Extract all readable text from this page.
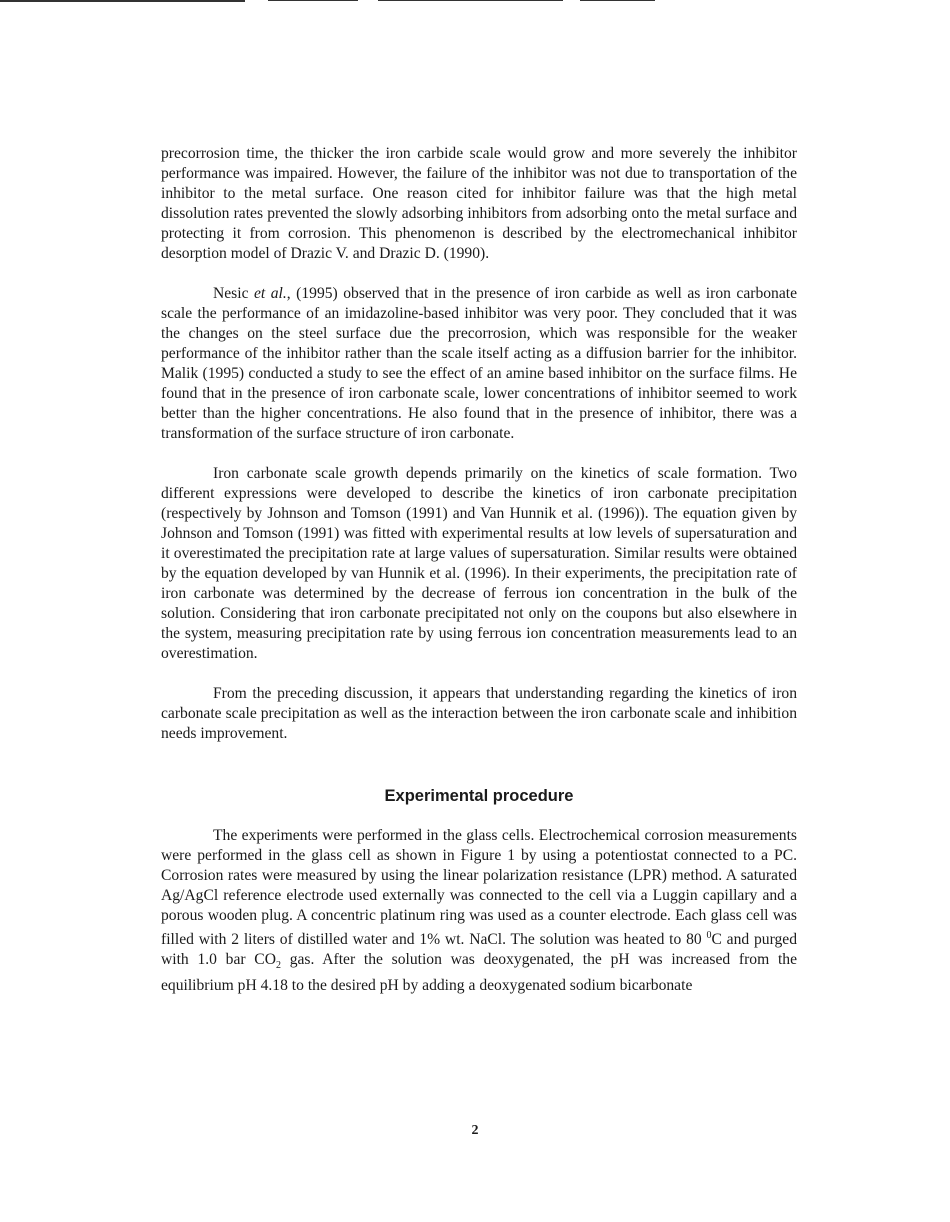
precorrosion time, the thicker the iron carbide scale would grow and more severely the inhibitor performance was impaired. However, the failure of the inhibitor was not due to transportation of the inhibitor to the metal surface. One reason cited for inhibitor failure was that the high metal dissolution rates prevented the slowly adsorbing inhibitors from adsorbing onto the metal surface and protecting it from corrosion. This phenomenon is described by the electromechanical inhibitor desorption model of Drazic V. and Drazic D. (1990).

Nesic et al., (1995) observed that in the presence of iron carbide as well as iron carbonate scale the performance of an imidazoline-based inhibitor was very poor. They concluded that it was the changes on the steel surface due the precorrosion, which was responsible for the weaker performance of the inhibitor rather than the scale itself acting as a diffusion barrier for the inhibitor. Malik (1995) conducted a study to see the effect of an amine based inhibitor on the surface films. He found that in the presence of iron carbonate scale, lower concentrations of inhibitor seemed to work better than the higher concentrations. He also found that in the presence of inhibitor, there was a transformation of the surface structure of iron carbonate.

Iron carbonate scale growth depends primarily on the kinetics of scale formation. Two different expressions were developed to describe the kinetics of iron carbonate precipitation (respectively by Johnson and Tomson (1991) and Van Hunnik et al. (1996)). The equation given by Johnson and Tomson (1991) was fitted with experimental results at low levels of supersaturation and it overestimated the precipitation rate at large values of supersaturation. Similar results were obtained by the equation developed by van Hunnik et al. (1996). In their experiments, the precipitation rate of iron carbonate was determined by the decrease of ferrous ion concentration in the bulk of the solution. Considering that iron carbonate precipitated not only on the coupons but also elsewhere in the system, measuring precipitation rate by using ferrous ion concentration measurements lead to an overestimation.

From the preceding discussion, it appears that understanding regarding the kinetics of iron carbonate scale precipitation as well as the interaction between the iron carbonate scale and inhibition needs improvement.

Experimental procedure

The experiments were performed in the glass cells. Electrochemical corrosion measurements were performed in the glass cell as shown in Figure 1 by using a potentiostat connected to a PC. Corrosion rates were measured by using the linear polarization resistance (LPR) method. A saturated Ag/AgCl reference electrode used externally was connected to the cell via a Luggin capillary and a porous wooden plug. A concentric platinum ring was used as a counter electrode. Each glass cell was filled with 2 liters of distilled water and 1% wt. NaCl. The solution was heated to 80 $^0$C and purged with 1.0 bar $CO_2$ gas. After the solution was deoxygenated, the pH was increased from the equilibrium pH 4.18 to the desired pH by adding a deoxygenated sodium bicarbonate

2
